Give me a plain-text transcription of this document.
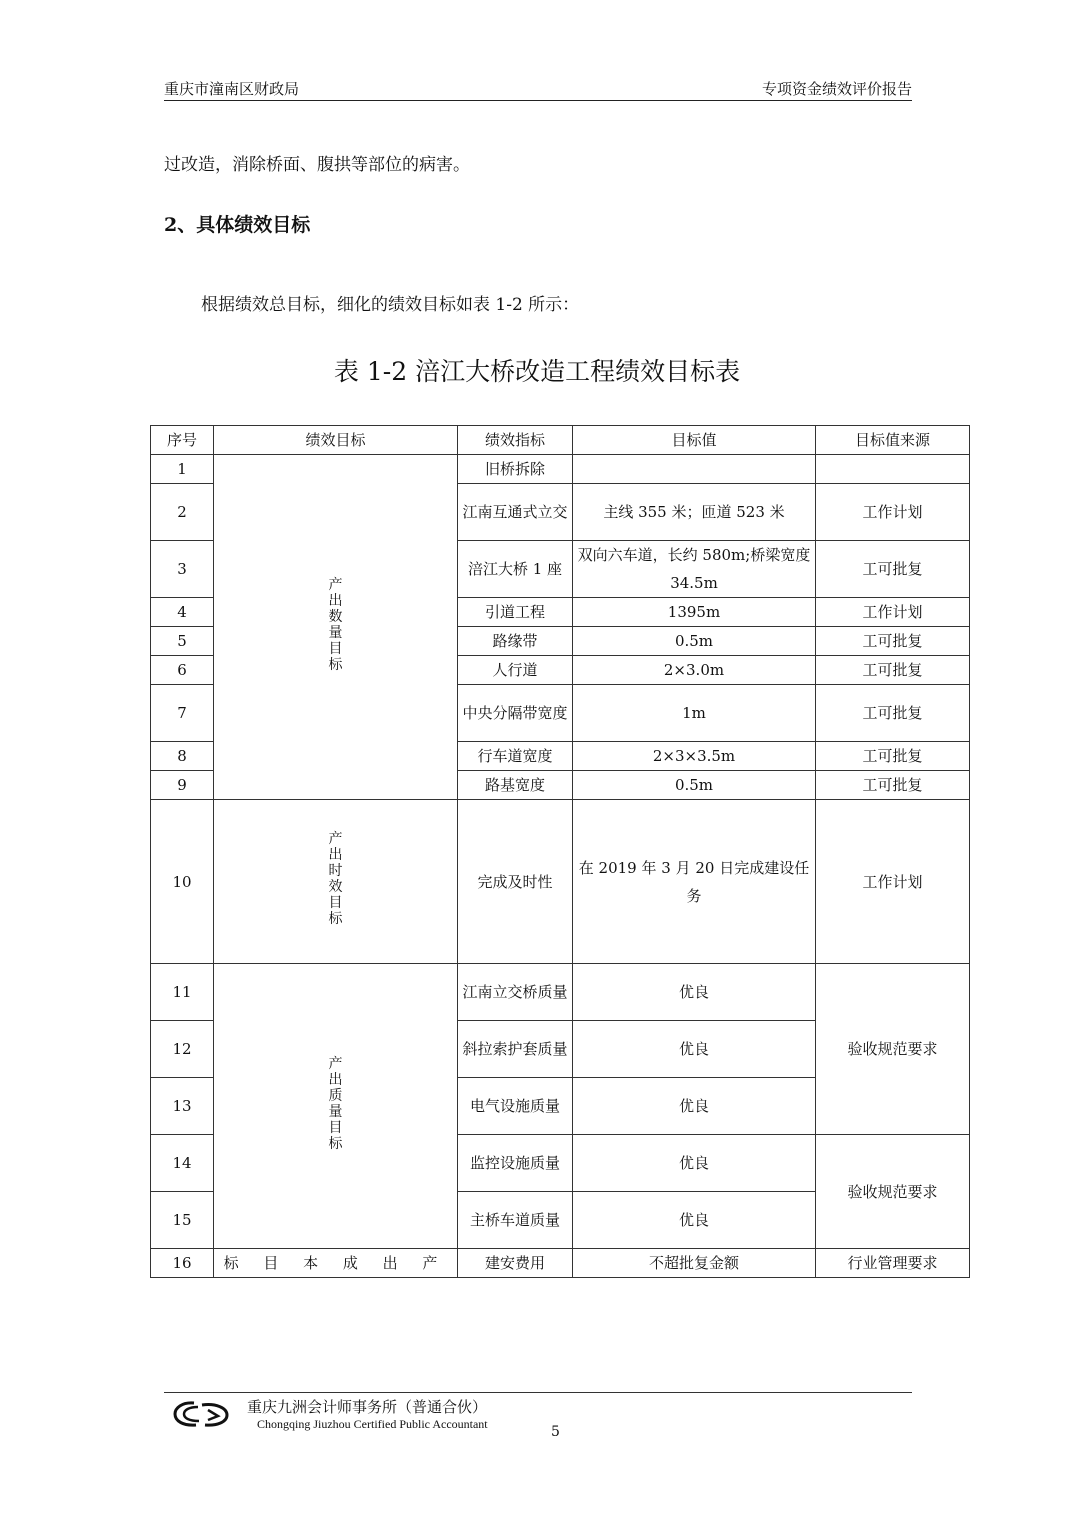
重庆市潼南区财政局	专项资金绩效评价报告
过改造，消除桥面、腹拱等部位的病害。
2、具体绩效目标
根据绩效总目标，细化的绩效目标如表 1-2 所示：
表 1-2 涪江大桥改造工程绩效目标表
序号	绩效目标	绩效指标	目标值	目标值来源
1	产出数量目标	旧桥拆除		
2		江南互通式立交	主线 355 米；匝道 523 米	工作计划
3		涪江大桥 1 座	双向六车道，长约 580m;桥梁宽度 34.5m	工可批复
4		引道工程	1395m	工作计划
5		路缘带	0.5m	工可批复
6		人行道	2×3.0m	工可批复
7		中央分隔带宽度	1m	工可批复
8		行车道宽度	2×3×3.5m	工可批复
9		路基宽度	0.5m	工可批复
10	产出时效目标	完成及时性	在 2019 年 3 月 20 日完成建设任务	工作计划
11	产出质量目标	江南立交桥质量	优良	验收规范要求
12		斜拉索护套质量	优良	
13		电气设施质量	优良	
14		监控设施质量	优良	验收规范要求
15		主桥车道质量	优良	
16	标 目 本 成 出 产	建安费用	不超批复金额	行业管理要求
重庆九洲会计师事务所（普通合伙）
Chongqing Jiuzhou Certified Public Accountant	5
